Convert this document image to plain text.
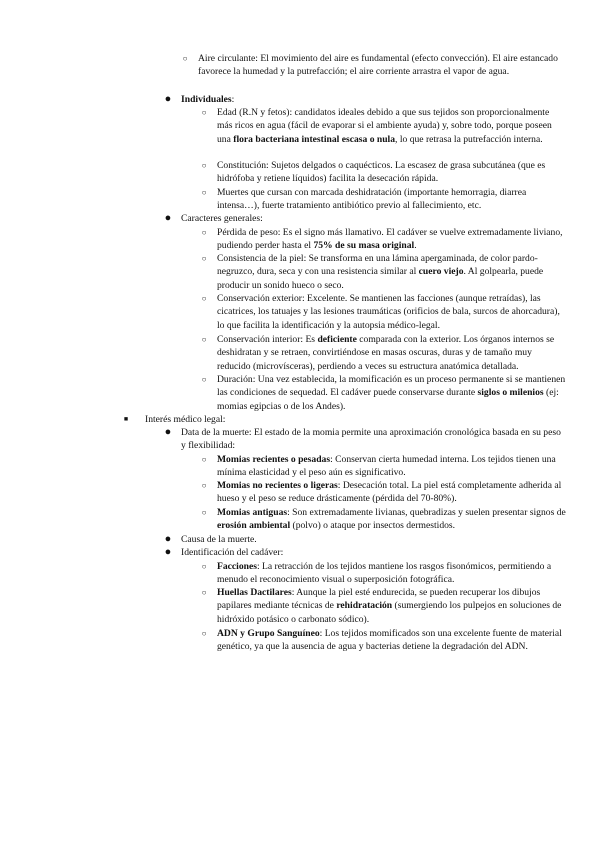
○ Aire circulante: El movimiento del aire es fundamental (efecto convección). El aire estancado favorece la humedad y la putrefacción; el aire corriente arrastra el vapor de agua.
● Individuales:
○ Edad (R.N y fetos): candidatos ideales debido a que sus tejidos son proporcionalmente más ricos en agua (fácil de evaporar si el ambiente ayuda) y, sobre todo, porque poseen una flora bacteriana intestinal escasa o nula, lo que retrasa la putrefacción interna.
○ Constitución: Sujetos delgados o caquécticos. La escasez de grasa subcutánea (que es hidrófoba y retiene líquidos) facilita la desecación rápida.
○ Muertes que cursan con marcada deshidratación (importante hemorragia, diarrea intensa…), fuerte tratamiento antibiótico previo al fallecimiento, etc.
● Caracteres generales:
○ Pérdida de peso: Es el signo más llamativo. El cadáver se vuelve extremadamente liviano, pudiendo perder hasta el 75% de su masa original.
○ Consistencia de la piel: Se transforma en una lámina apergaminada, de color pardo-negruzco, dura, seca y con una resistencia similar al cuero viejo. Al golpearla, puede producir un sonido hueco o seco.
○ Conservación exterior: Excelente. Se mantienen las facciones (aunque retraídas), las cicatrices, los tatuajes y las lesiones traumáticas (orificios de bala, surcos de ahorcadura), lo que facilita la identificación y la autopsia médico-legal.
○ Conservación interior: Es deficiente comparada con la exterior. Los órganos internos se deshidratan y se retraen, convirtiéndose en masas oscuras, duras y de tamaño muy reducido (microvísceras), perdiendo a veces su estructura anatómica detallada.
○ Duración: Una vez establecida, la momificación es un proceso permanente si se mantienen las condiciones de sequedad. El cadáver puede conservarse durante siglos o milenios (ej: momias egipcias o de los Andes).
■	Interés médico legal:
● Data de la muerte: El estado de la momia permite una aproximación cronológica basada en su peso y flexibilidad:
○ Momias recientes o pesadas: Conservan cierta humedad interna. Los tejidos tienen una mínima elasticidad y el peso aún es significativo.
○ Momias no recientes o ligeras: Desecación total. La piel está completamente adherida al hueso y el peso se reduce drásticamente (pérdida del 70-80%).
○ Momias antiguas: Son extremadamente livianas, quebradizas y suelen presentar signos de erosión ambiental (polvo) o ataque por insectos dermestidos.
● Causa de la muerte.
● Identificación del cadáver:
○ Facciones: La retracción de los tejidos mantiene los rasgos fisonómicos, permitiendo a menudo el reconocimiento visual o superposición fotográfica.
○ Huellas Dactilares: Aunque la piel esté endurecida, se pueden recuperar los dibujos papilares mediante técnicas de rehidratación (sumergiendo los pulpejos en soluciones de hidróxido potásico o carbonato sódico).
○ ADN y Grupo Sanguíneo: Los tejidos momificados son una excelente fuente de material genético, ya que la ausencia de agua y bacterias detiene la degradación del ADN.
